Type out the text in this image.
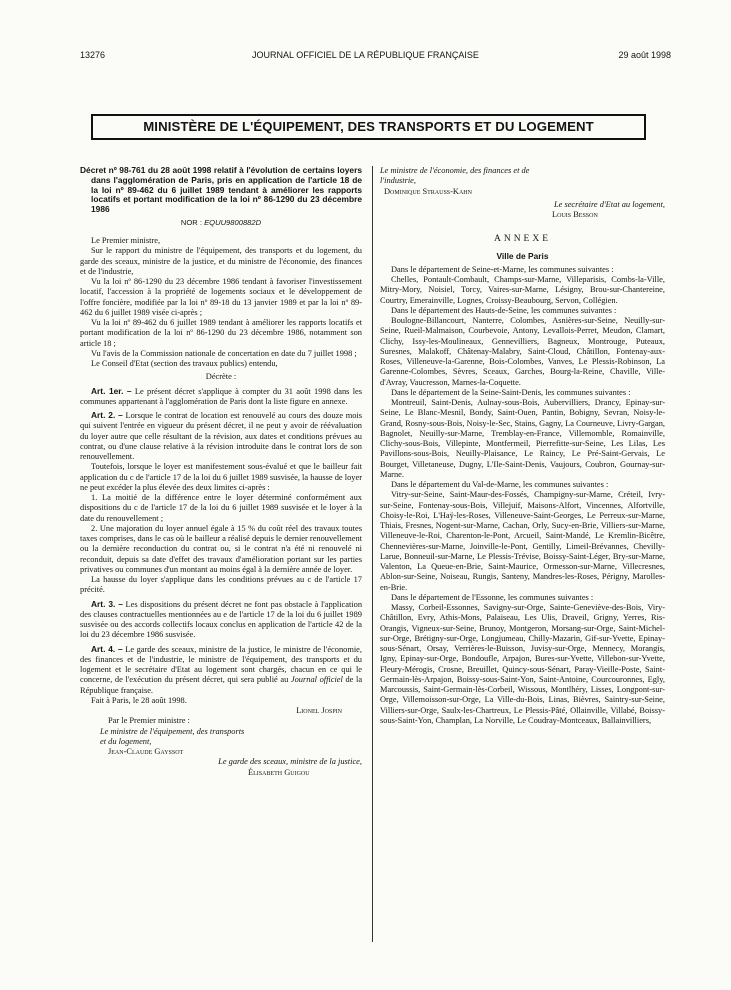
13276	JOURNAL OFFICIEL DE LA RÉPUBLIQUE FRANÇAISE	29 août 1998
MINISTÈRE DE L'ÉQUIPEMENT, DES TRANSPORTS ET DU LOGEMENT

Décret nº 98-761 du 28 août 1998 relatif à l'évolution de certains loyers dans l'agglomération de Paris, pris en application de l'article 18 de la loi nº 89-462 du 6 juillet 1989 tendant à améliorer les rapports locatifs et portant modification de la loi nº 86-1290 du 23 décembre 1986

NOR : EQUU9800882D

Le Premier ministre,

Sur le rapport du ministre de l'équipement, des transports et du logement, du garde des sceaux, ministre de la justice, et du ministre de l'économie, des finances et de l'industrie,

Vu la loi nº 86-1290 du 23 décembre 1986 tendant à favoriser l'investissement locatif, l'accession à la propriété de logements sociaux et le développement de l'offre foncière, modifiée par la loi nº 89-18 du 13 janvier 1989 et par la loi nº 89-462 du 6 juillet 1989 visée ci-après ;

Vu la loi nº 89-462 du 6 juillet 1989 tendant à améliorer les rapports locatifs et portant modification de la loi nº 86-1290 du 23 décembre 1986, notamment son article 18 ;

Vu l'avis de la Commission nationale de concertation en date du 7 juillet 1998 ;

Le Conseil d'Etat (section des travaux publics) entendu,

Décrète :

Art. 1er. – Le présent décret s'applique à compter du 31 août 1998 dans les communes appartenant à l'agglomération de Paris dont la liste figure en annexe.

Art. 2. – Lorsque le contrat de location est renouvelé au cours des douze mois qui suivent l'entrée en vigueur du présent décret, il ne peut y avoir de réévaluation du loyer autre que celle résultant de la révision, aux dates et conditions prévues au contrat, ou d'une clause relative à la révision introduite dans le contrat lors de son renouvellement.

Toutefois, lorsque le loyer est manifestement sous-évalué et que le bailleur fait application du c de l'article 17 de la loi du 6 juillet 1989 susvisée, la hausse de loyer ne peut excéder la plus élevée des deux limites ci-après :

1. La moitié de la différence entre le loyer déterminé conformément aux dispositions du c de l'article 17 de la loi du 6 juillet 1989 susvisée et le loyer à la date du renouvellement ;

2. Une majoration du loyer annuel égale à 15 % du coût réel des travaux toutes taxes comprises, dans le cas où le bailleur a réalisé depuis le dernier renouvellement ou la dernière reconduction du contrat ou, si le contrat n'a été ni renouvelé ni reconduit, depuis sa date d'effet des travaux d'amélioration portant sur les parties privatives ou communes d'un montant au moins égal à la dernière année de loyer.

La hausse du loyer s'applique dans les conditions prévues au c de l'article 17 précité.

Art. 3. – Les dispositions du présent décret ne font pas obstacle à l'application des clauses contractuelles mentionnées au e de l'article 17 de la loi du 6 juillet 1989 susvisée ou des accords collectifs locaux conclus en application de l'article 42 de la loi du 23 décembre 1986 susvisée.

Art. 4. – Le garde des sceaux, ministre de la justice, le ministre de l'économie, des finances et de l'industrie, le ministre de l'équipement, des transports et du logement et le secrétaire d'Etat au logement sont chargés, chacun en ce qui le concerne, de l'exécution du présent décret, qui sera publié au Journal officiel de la République française.

Fait à Paris, le 28 août 1998.

Lionel Jospin

Par le Premier ministre :

Le ministre de l'équipement, des transports et du logement,

Jean-Claude Gayssot

Le garde des sceaux, ministre de la justice,

Élisabeth Guigou

Le ministre de l'économie, des finances et de l'industrie,

Dominique Strauss-Kahn

Le secrétaire d'Etat au logement,

Louis Besson

ANNEXE

Ville de Paris

Dans le département de Seine-et-Marne, les communes suivantes :

Chelles, Pontault-Combault, Champs-sur-Marne, Villeparisis, Combs-la-Ville, Mitry-Mory, Noisiel, Torcy, Vaires-sur-Marne, Lésigny, Brou-sur-Chantereine, Courtry, Emerainville, Lognes, Croissy-Beaubourg, Servon, Collégien.

Dans le département des Hauts-de-Seine, les communes suivantes :

Boulogne-Billancourt, Nanterre, Colombes, Asnières-sur-Seine, Neuilly-sur-Seine, Rueil-Malmaison, Courbevoie, Antony, Levallois-Perret, Meudon, Clamart, Clichy, Issy-les-Moulineaux, Gennevilliers, Bagneux, Montrouge, Puteaux, Suresnes, Malakoff, Châtenay-Malabry, Saint-Cloud, Châtillon, Fontenay-aux-Roses, Villeneuve-la-Garenne, Bois-Colombes, Vanves, Le Plessis-Robinson, La Garenne-Colombes, Sèvres, Sceaux, Garches, Bourg-la-Reine, Chaville, Ville-d'Avray, Vaucresson, Marnes-la-Coquette.

Dans le département de la Seine-Saint-Denis, les communes suivantes :

Montreuil, Saint-Denis, Aulnay-sous-Bois, Aubervilliers, Drancy, Epinay-sur-Seine, Le Blanc-Mesnil, Bondy, Saint-Ouen, Pantin, Bobigny, Sevran, Noisy-le-Grand, Rosny-sous-Bois, Noisy-le-Sec, Stains, Gagny, La Courneuve, Livry-Gargan, Bagnolet, Neuilly-sur-Marne, Tremblay-en-France, Villemomble, Romainville, Clichy-sous-Bois, Villepinte, Montfermeil, Pierrefitte-sur-Seine, Les Lilas, Les Pavillons-sous-Bois, Neuilly-Plaisance, Le Raincy, Le Pré-Saint-Gervais, Le Bourget, Villetaneuse, Dugny, L'Ile-Saint-Denis, Vaujours, Coubron, Gournay-sur-Marne.

Dans le département du Val-de-Marne, les communes suivantes :

Vitry-sur-Seine, Saint-Maur-des-Fossés, Champigny-sur-Marne, Créteil, Ivry-sur-Seine, Fontenay-sous-Bois, Villejuif, Maisons-Alfort, Vincennes, Alfortville, Choisy-le-Roi, L'Haÿ-les-Roses, Villeneuve-Saint-Georges, Le Perreux-sur-Marne, Thiais, Fresnes, Nogent-sur-Marne, Cachan, Orly, Sucy-en-Brie, Villiers-sur-Marne, Villeneuve-le-Roi, Charenton-le-Pont, Arcueil, Saint-Mandé, Le Kremlin-Bicêtre, Chennevières-sur-Marne, Joinville-le-Pont, Gentilly, Limeil-Brévannes, Chevilly-Larue, Bonneuil-sur-Marne, Le Plessis-Trévise, Boissy-Saint-Léger, Bry-sur-Marne, Valenton, La Queue-en-Brie, Saint-Maurice, Ormesson-sur-Marne, Villecresnes, Ablon-sur-Seine, Noiseau, Rungis, Santeny, Mandres-les-Roses, Périgny, Marolles-en-Brie.

Dans le département de l'Essonne, les communes suivantes :

Massy, Corbeil-Essonnes, Savigny-sur-Orge, Sainte-Geneviève-des-Bois, Viry-Châtillon, Evry, Athis-Mons, Palaiseau, Les Ulis, Draveil, Grigny, Yerres, Ris-Orangis, Vigneux-sur-Seine, Brunoy, Montgeron, Morsang-sur-Orge, Saint-Michel-sur-Orge, Brétigny-sur-Orge, Longjumeau, Chilly-Mazarin, Gif-sur-Yvette, Epinay-sous-Sénart, Orsay, Verrières-le-Buisson, Juvisy-sur-Orge, Mennecy, Morangis, Igny, Epinay-sur-Orge, Bondoufle, Arpajon, Bures-sur-Yvette, Villebon-sur-Yvette, Fleury-Mérogis, Crosne, Breuillet, Quincy-sous-Sénart, Paray-Vieille-Poste, Saint-Germain-lès-Arpajon, Boissy-sous-Saint-Yon, Saint-Antoine, Courcouronnes, Egly, Marcoussis, Saint-Germain-lès-Corbeil, Wissous, Montlhéry, Lisses, Longpont-sur-Orge, Villemoisson-sur-Orge, La Ville-du-Bois, Linas, Bièvres, Saintry-sur-Seine, Villiers-sur-Orge, Saulx-les-Chartreux, Le Plessis-Pâté, Ollainville, Villabé, Boissy-sous-Saint-Yon, Champlan, La Norville, Le Coudray-Montceaux, Ballainvilliers,
